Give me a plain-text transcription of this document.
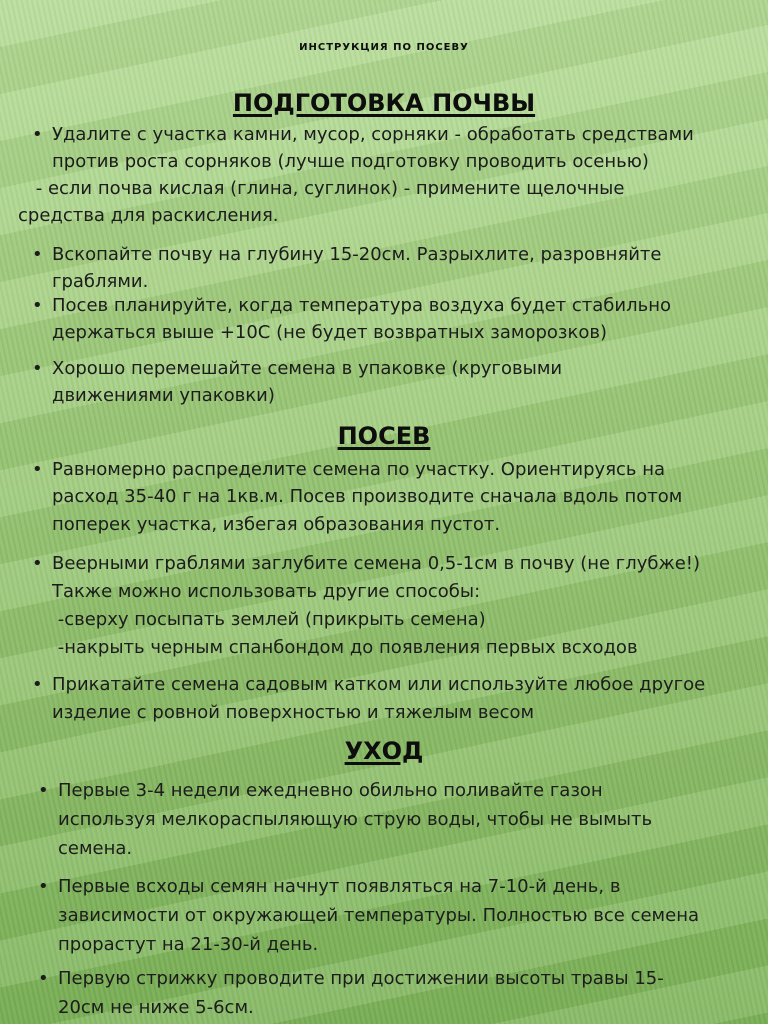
ИНСТРУКЦИЯ ПО ПОСЕВУ
ПОДГОТОВКА ПОЧВЫ
• Удалите с участка камни, мусор, сорняки - обработать средствами
против роста сорняков (лучше подготовку проводить осенью)
- если почва кислая (глина, суглинок) - примените щелочные
средства для раскисления.
• Вскопайте почву на глубину 15-20см. Разрыхлите, разровняйте
граблями.
• Посев планируйте, когда температура воздуха будет стабильно
держаться выше +10С (не будет возвратных заморозков)
• Хорошо перемешайте семена в упаковке (круговыми
движениями упаковки)
ПОСЕВ
• Равномерно распределите семена по участку. Ориентируясь на
расход 35-40 г на 1кв.м. Посев производите сначала вдоль потом
поперек участка, избегая образования пустот.
• Веерными граблями заглубите семена 0,5-1см в почву (не глубже!)
Также можно использовать другие способы:
-сверху посыпать землей (прикрыть семена)
-накрыть черным спанбондом до появления первых всходов
• Прикатайте семена садовым катком или используйте любое другое
изделие с ровной поверхностью и тяжелым весом
УХОД
• Первые 3-4 недели ежедневно обильно поливайте газон
используя мелкораспыляющую струю воды, чтобы не вымыть
семена.
• Первые всходы семян начнут появляться на 7-10-й день, в
зависимости от окружающей температуры. Полностью все семена
прорастут на 21-30-й день.
• Первую стрижку проводите при достижении высоты травы 15-
20см не ниже 5-6см.
